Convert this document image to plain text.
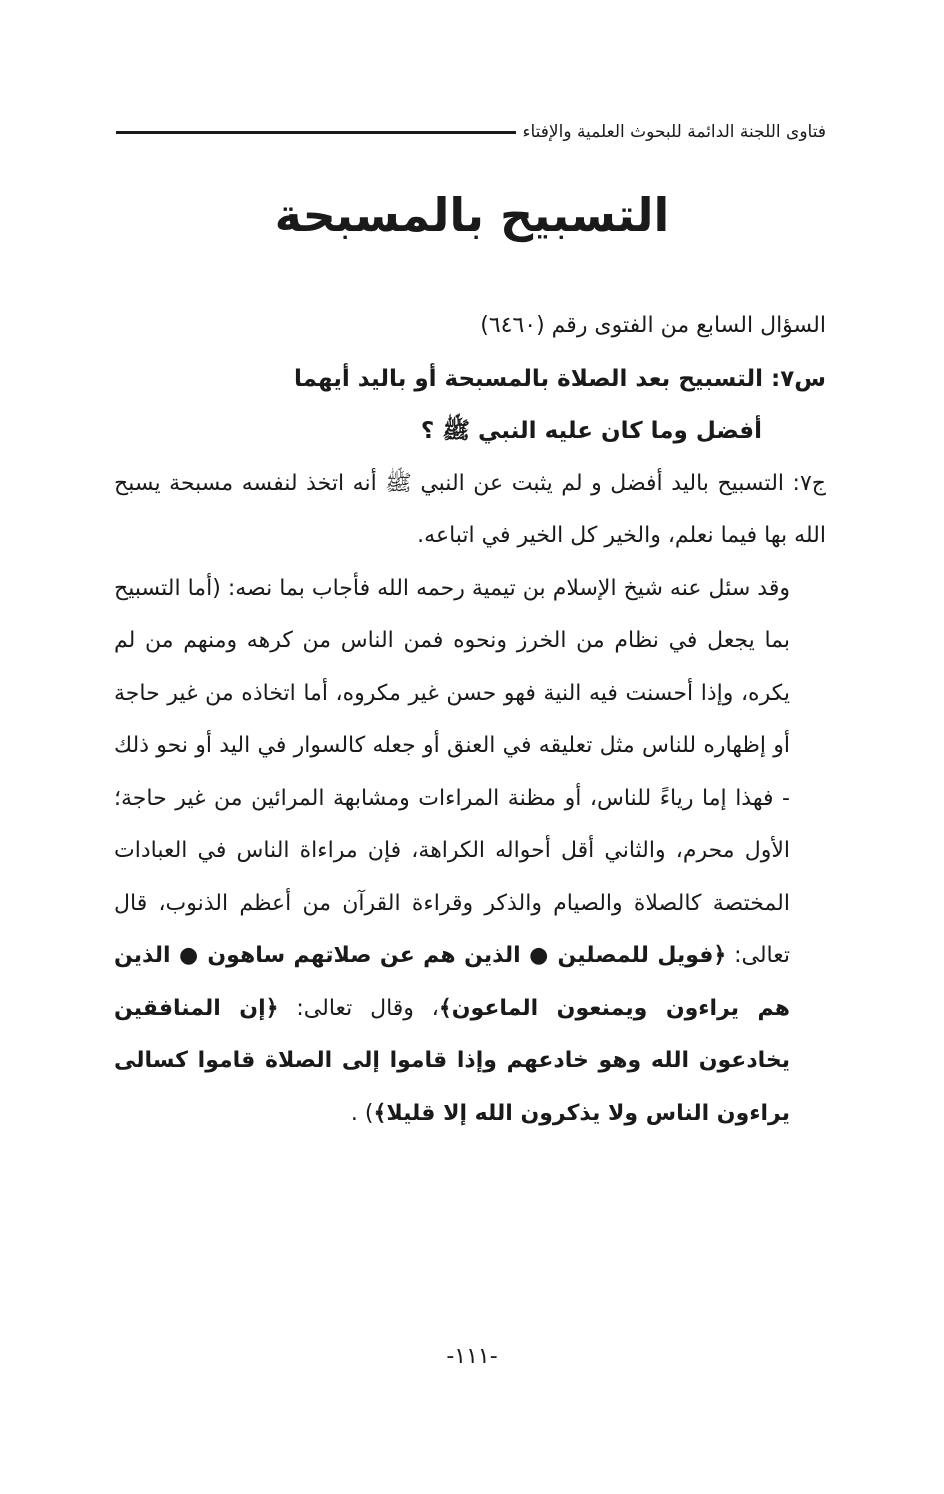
فتاوى اللجنة الدائمة للبحوث العلمية والإفتاء
التسبيح بالمسبحة

السؤال السابع من الفتوى رقم (٦٤٦٠)

س٧: التسبيح بعد الصلاة بالمسبحة أو باليد أيهما

أفضل وما كان عليه النبي ﷺ ؟

ج٧: التسبيح باليد أفضل و لم يثبت عن النبي ﷺ أنه اتخذ لنفسه مسبحة يسبح الله بها فيما نعلم، والخير كل الخير في اتباعه.

وقد سئل عنه شيخ الإسلام بن تيمية رحمه الله فأجاب بما نصه: (أما التسبيح بما يجعل في نظام من الخرز ونحوه فمن الناس من كرهه ومنهم من لم يكره، وإذا أحسنت فيه النية فهو حسن غير مكروه، أما اتخاذه من غير حاجة أو إظهاره للناس مثل تعليقه في العنق أو جعله كالسوار في اليد أو نحو ذلك - فهذا إما رياءً للناس، أو مظنة المراءات ومشابهة المرائين من غير حاجة؛ الأول محرم، والثاني أقل أحواله الكراهة، فإن مراءاة الناس في العبادات المختصة كالصلاة والصيام والذكر وقراءة القرآن من أعظم الذنوب، قال تعالى: ﴿فويل للمصلين ● الذين هم عن صلاتهم ساهون ● الذين هم يراءون ويمنعون الماعون﴾، وقال تعالى: ﴿إن المنافقين يخادعون الله وهو خادعهم وإذا قاموا إلى الصلاة قاموا كسالى يراءون الناس ولا يذكرون الله إلا قليلا﴾) .

-١١١-
